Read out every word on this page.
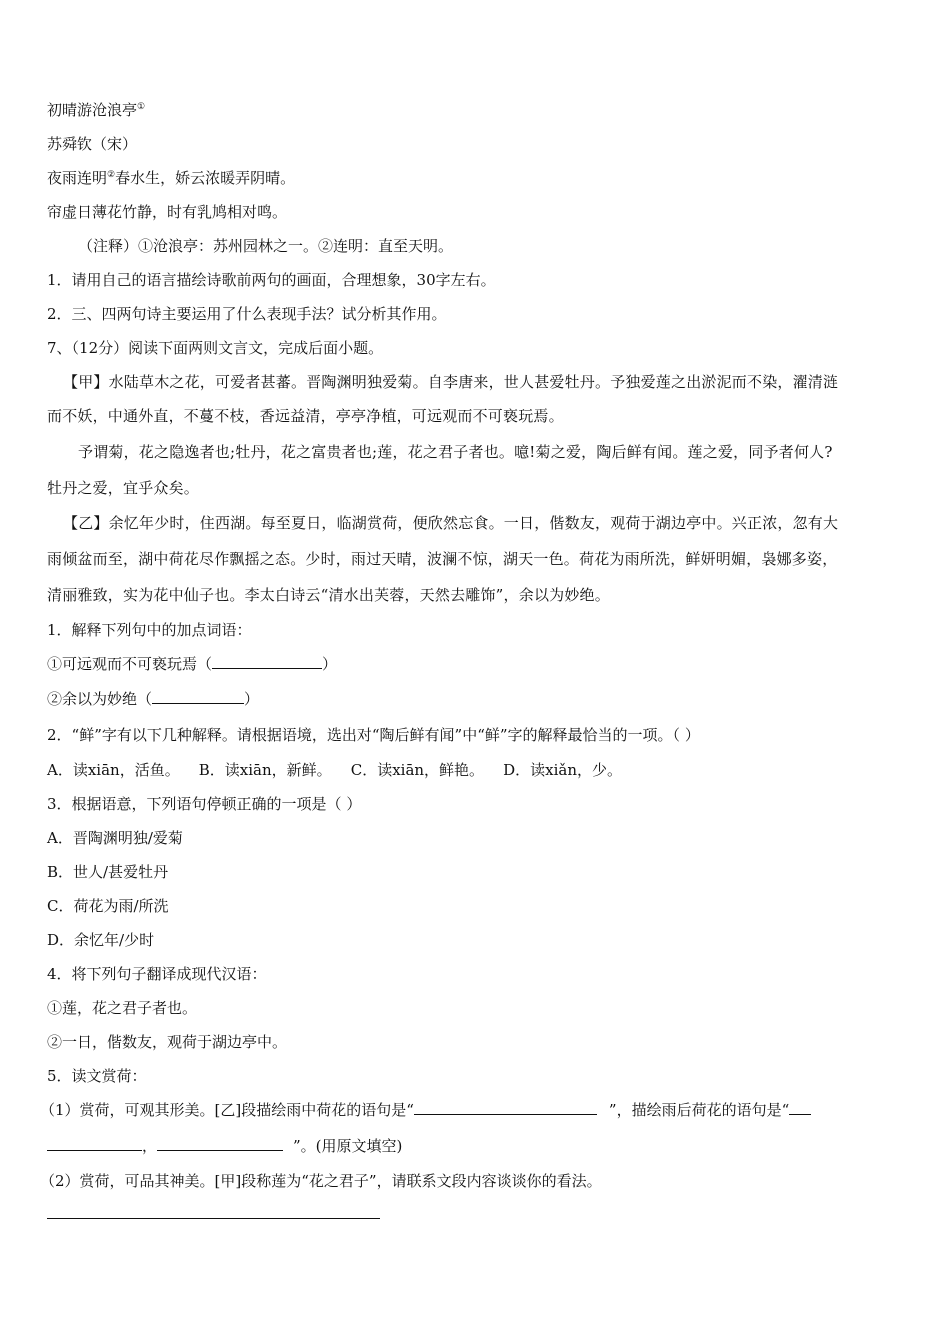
初晴游沧浪亭①
苏舜钦（宋）
夜雨连明②春水生，娇云浓暖弄阴晴。
帘虚日薄花竹静，时有乳鸠相对鸣。
（注释）①沧浪亭：苏州园林之一。②连明：直至天明。
1．请用自己的语言描绘诗歌前两句的画面，合理想象，30字左右。
2．三、四两句诗主要运用了什么表现手法？试分析其作用。
7、（12分）阅读下面两则文言文，完成后面小题。
【甲】水陆草木之花，可爱者甚蕃。晋陶渊明独爱菊。自李唐来，世人甚爱牡丹。予独爱莲之出淤泥而不染，濯清涟
而不妖，中通外直，不蔓不枝，香远益清，亭亭净植，可远观而不可亵玩焉。
予谓菊，花之隐逸者也;牡丹，花之富贵者也;莲，花之君子者也。噫!菊之爱，陶后鲜有闻。莲之爱，同予者何人?
牡丹之爱，宜乎众矣。
【乙】余忆年少时，住西湖。每至夏日，临湖赏荷，便欣然忘食。一日，偕数友，观荷于湖边亭中。兴正浓，忽有大
雨倾盆而至，湖中荷花尽作飘摇之态。少时，雨过天晴，波澜不惊，湖天一色。荷花为雨所洗，鲜妍明媚，袅娜多姿，
清丽雅致，实为花中仙子也。李太白诗云“清水出芙蓉，天然去雕饰”，余以为妙绝。
1．解释下列句中的加点词语：
①可远观而不可亵玩焉（	）
②余以为妙绝（	）
2．“鲜”字有以下几种解释。请根据语境，选出对“陶后鲜有闻”中“鲜”字的解释最恰当的一项。（ ）
A．读xiān，活鱼。    B．读xiān，新鲜。    C．读xiān，鲜艳。    D．读xiǎn，少。
3．根据语意，下列语句停顿正确的一项是（ ）
A．晋陶渊明独/爱菊
B．世人/甚爱牡丹
C．荷花为雨/所洗
D．余忆年/少时
4．将下列句子翻译成现代汉语：
①莲，花之君子者也。
②一日，偕数友，观荷于湖边亭中。
5．读文赏荷：
（1）赏荷，可观其形美。[乙]段描绘雨中荷花的语句是“	”，描绘雨后荷花的语句是“
，	”。(用原文填空)
（2）赏荷，可品其神美。[甲]段称莲为“花之君子”，请联系文段内容谈谈你的看法。
